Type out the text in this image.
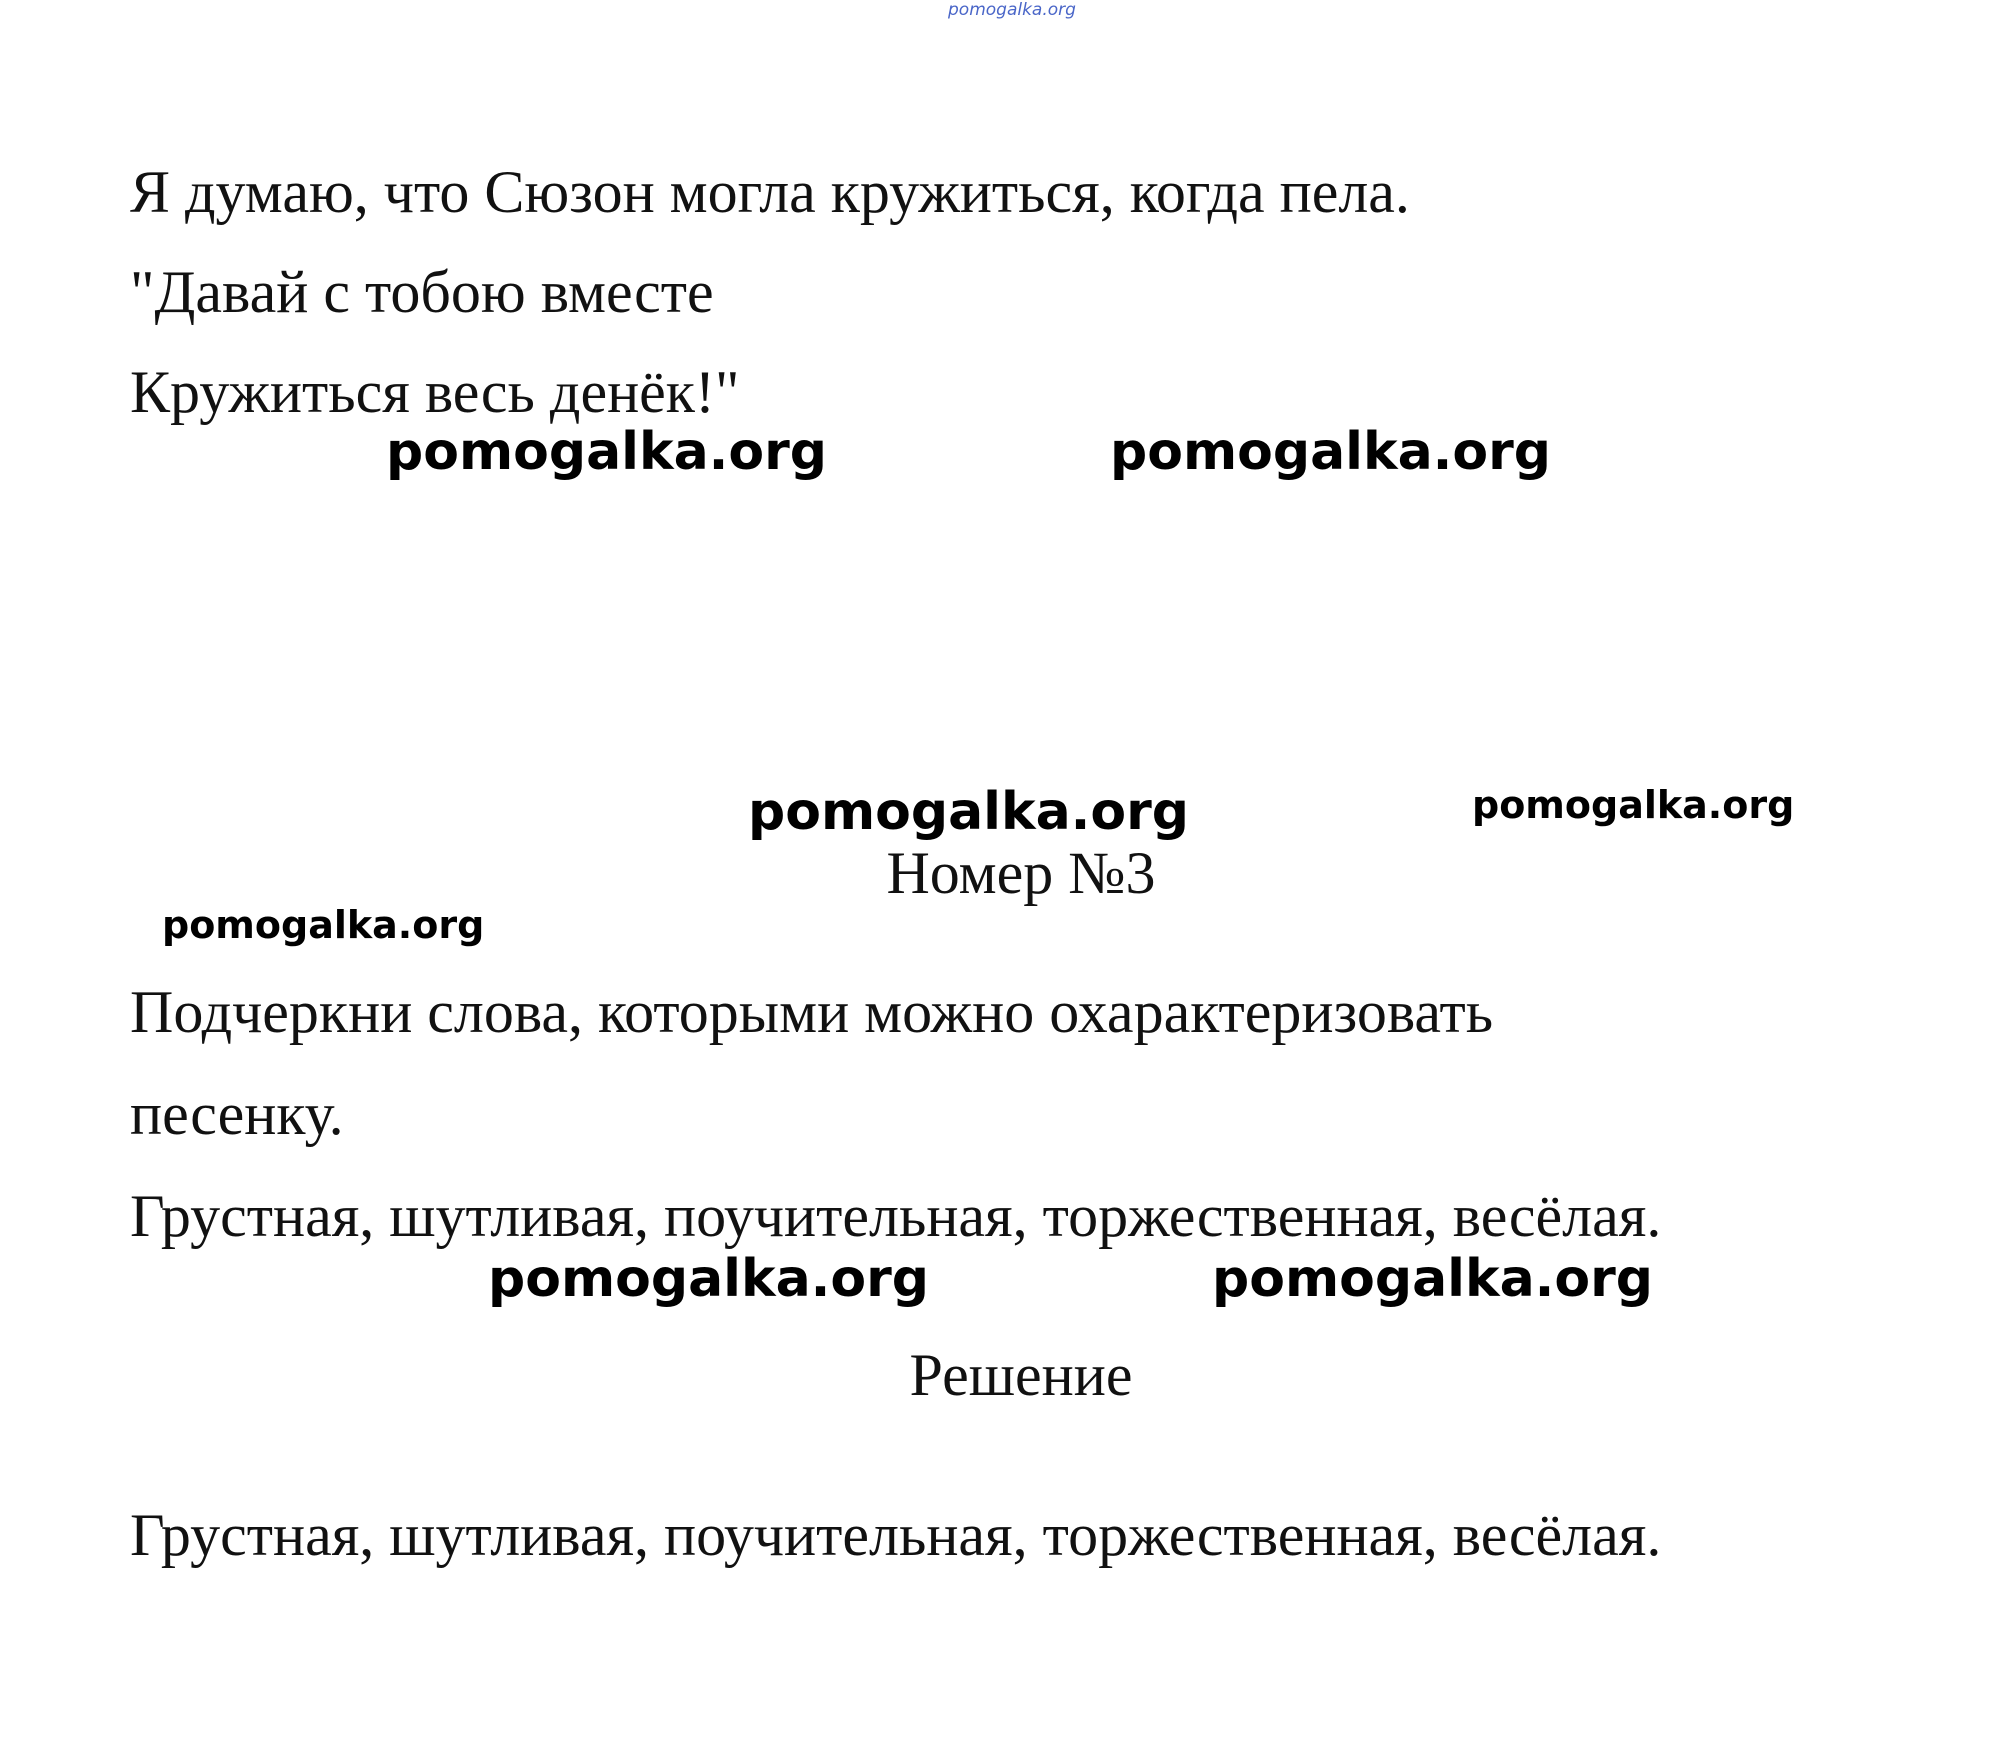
pomogalka.org
Я думаю, что Сюзон могла кружиться, когда пела.
"Давай с тобою вместе
Кружиться весь денёк!"
pomogalka.org	pomogalka.org
pomogalka.org	pomogalka.org
Номер №3
pomogalka.org
Подчеркни слова, которыми можно охарактеризовать
песенку.
Грустная, шутливая, поучительная, торжественная, весёлая.
pomogalka.org	pomogalka.org
Решение
Грустная, шутливая, поучительная, торжественная, весёлая.
